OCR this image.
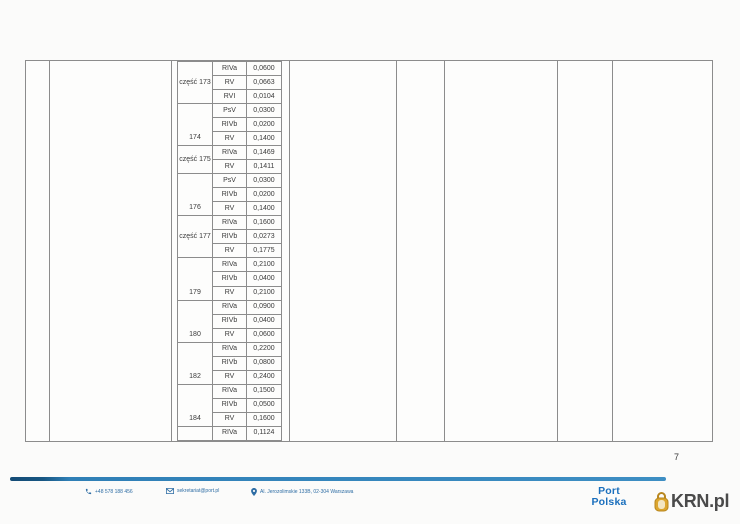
część 173	RIVa	0,0600
	RV	0,0663
	RVI	0,0104
174	PsV	0,0300
	RIVb	0,0200
	RV	0,1400
część 175	RIVa	0,1469
	RV	0,1411
176	PsV	0,0300
	RIVb	0,0200
	RV	0,1400
część 177	RIVa	0,1600
	RIVb	0,0273
	RV	0,1775
179	RIVa	0,2100
	RIVb	0,0400
	RV	0,2100
180	RIVa	0,0900
	RIVb	0,0400
	RV	0,0600
182	RIVa	0,2200
	RIVb	0,0800
	RV	0,2400
184	RIVa	0,1500
	RIVb	0,0500
	RV	0,1600
	RIVa	0,1124
7
+48 578 188 456	sekretariat@port.pl	Al. Jerozolimskie 133B, 02-304 Warszawa	Port
Polska	KRN.pl
